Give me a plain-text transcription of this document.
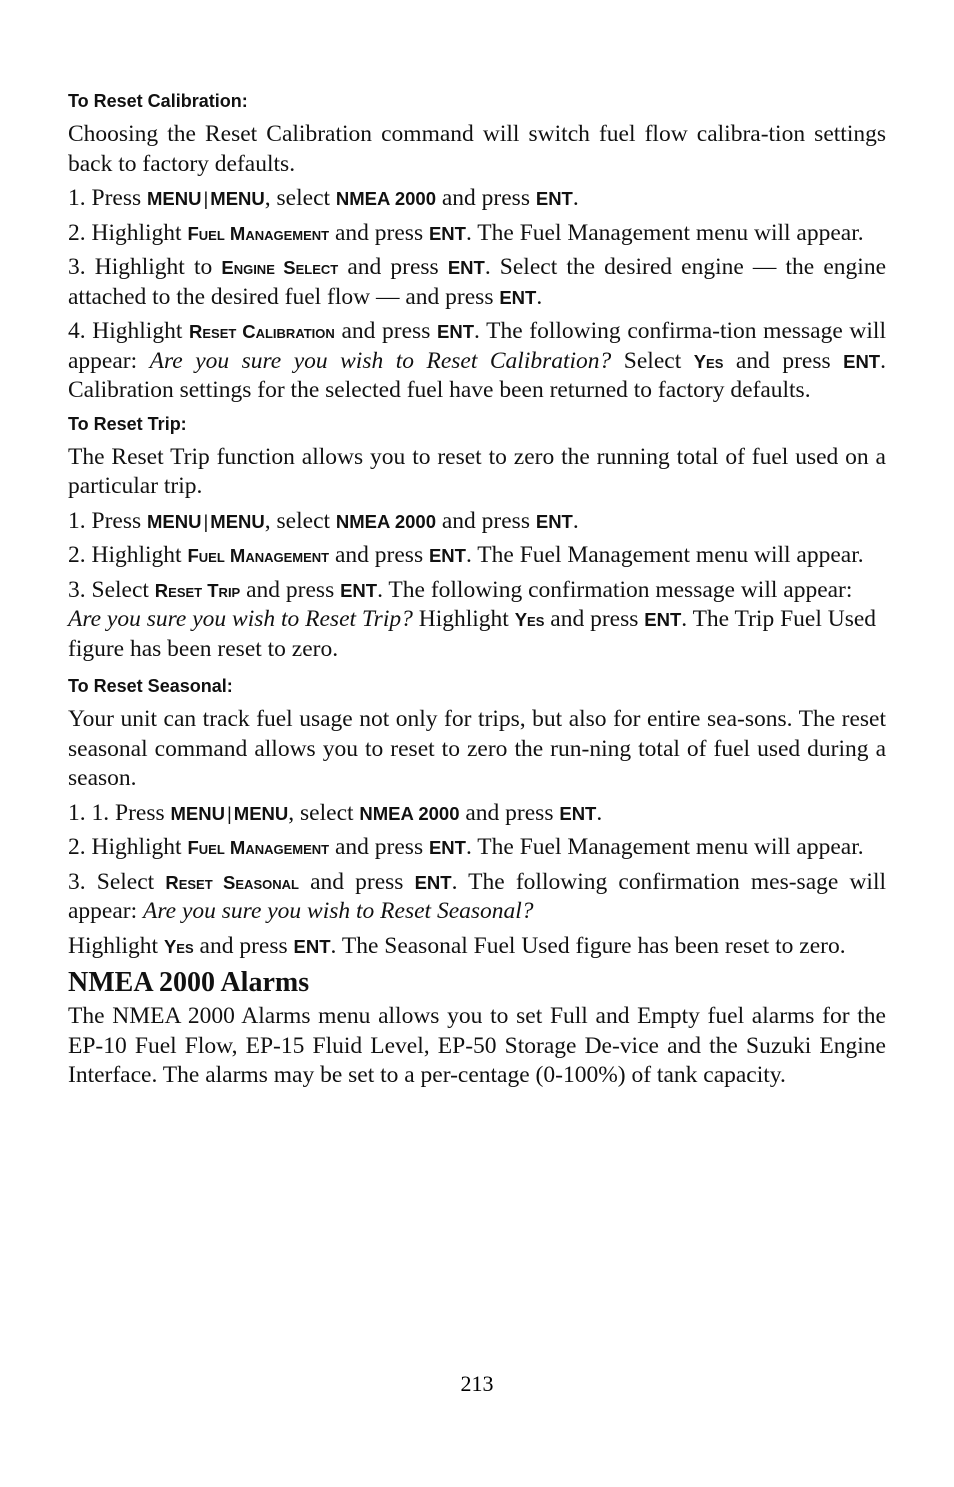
To Reset Calibration:

Choosing the Reset Calibration command will switch fuel flow calibra-tion settings back to factory defaults.

1. Press MENU | MENU, select NMEA 2000 and press ENT.

2. Highlight Fuel Management and press ENT. The Fuel Management menu will appear.

3. Highlight to Engine Select and press ENT. Select the desired engine — the engine attached to the desired fuel flow — and press ENT.

4. Highlight Reset Calibration and press ENT. The following confirma-tion message will appear: Are you sure you wish to Reset Calibration? Select Yes and press ENT. Calibration settings for the selected fuel have been returned to factory defaults.

To Reset Trip:

The Reset Trip function allows you to reset to zero the running total of fuel used on a particular trip.

1. Press MENU | MENU, select NMEA 2000 and press ENT.

2. Highlight Fuel Management and press ENT. The Fuel Management menu will appear.

3. Select Reset Trip and press ENT. The following confirmation message will appear: Are you sure you wish to Reset Trip? Highlight Yes and press ENT. The Trip Fuel Used figure has been reset to zero.

To Reset Seasonal:

Your unit can track fuel usage not only for trips, but also for entire sea-sons. The reset seasonal command allows you to reset to zero the run-ning total of fuel used during a season.

1. 1. Press MENU | MENU, select NMEA 2000 and press ENT.

2. Highlight Fuel Management and press ENT. The Fuel Management menu will appear.

3. Select Reset Seasonal and press ENT. The following confirmation mes-sage will appear: Are you sure you wish to Reset Seasonal?

Highlight Yes and press ENT. The Seasonal Fuel Used figure has been reset to zero.

NMEA 2000 Alarms

The NMEA 2000 Alarms menu allows you to set Full and Empty fuel alarms for the EP-10 Fuel Flow, EP-15 Fluid Level, EP-50 Storage De-vice and the Suzuki Engine Interface. The alarms may be set to a per-centage (0-100%) of tank capacity.

213
